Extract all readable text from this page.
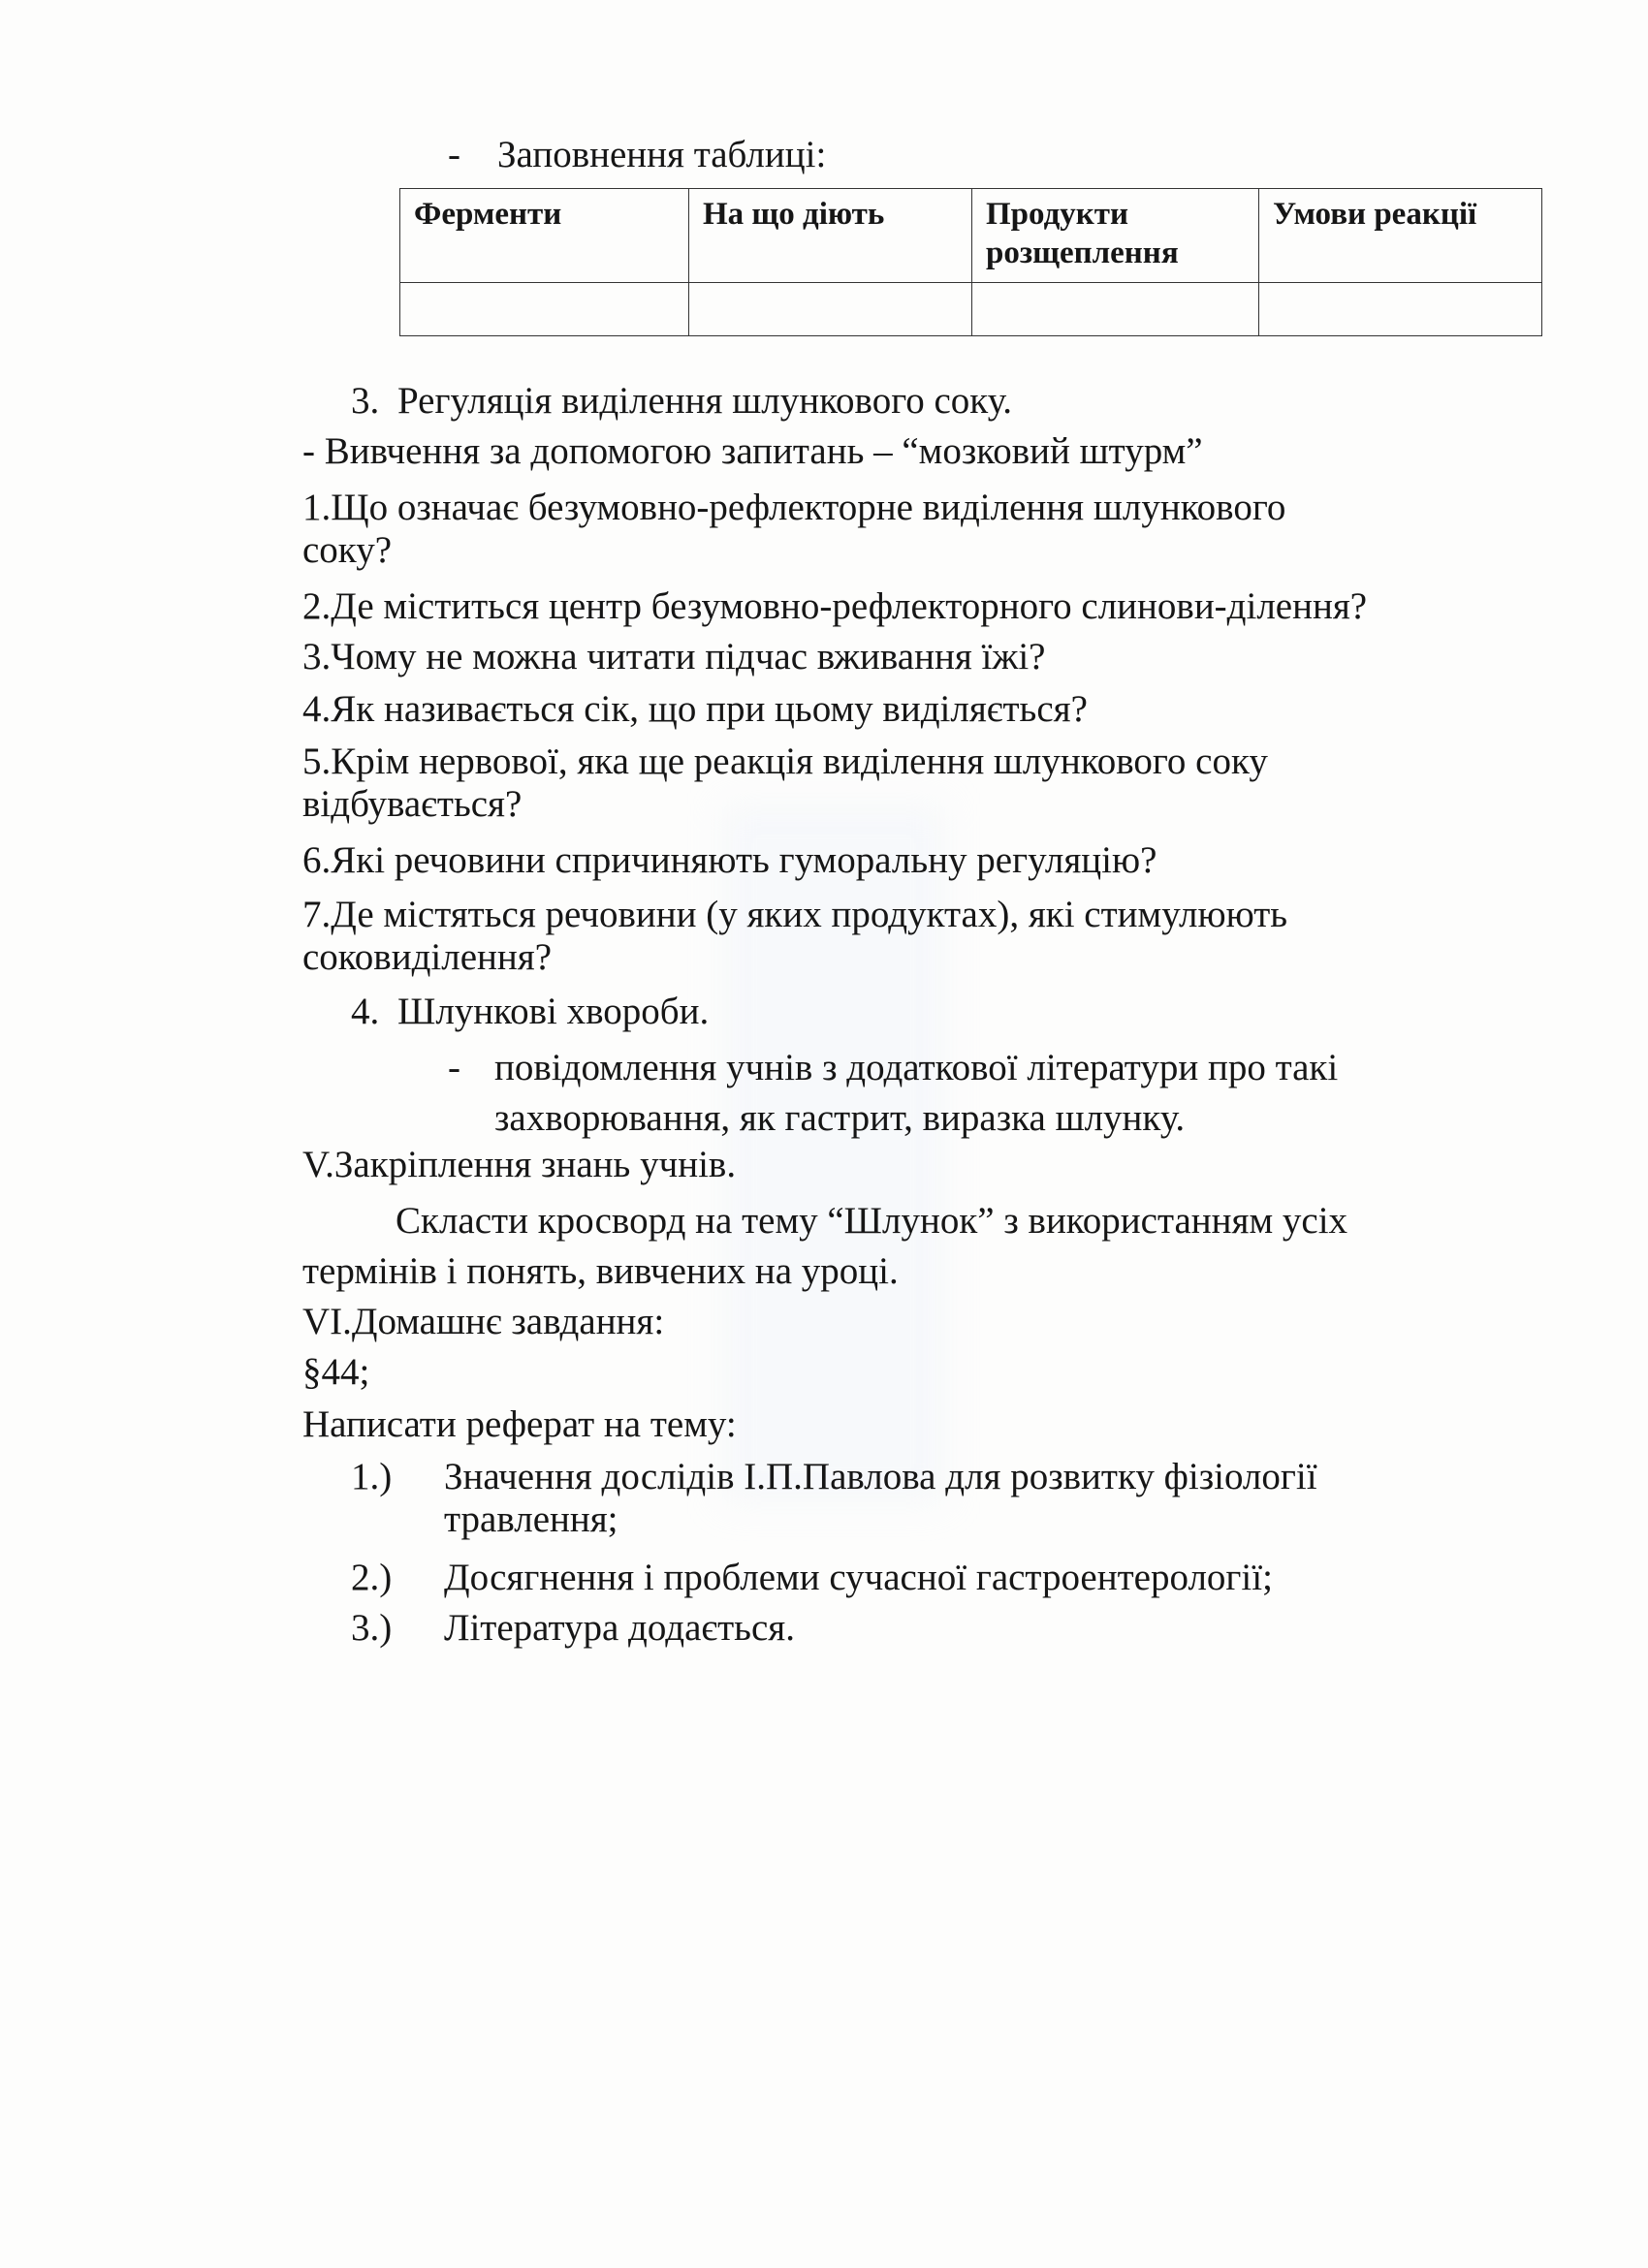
- Заповнення таблиці:
Ферменти	На що діють	Продукти розщеплення	Умови реакції

3. Регуляція виділення шлункового соку.
- Вивчення за допомогою запитань – “мозковий штурм”
1.Що означає безумовно-рефлекторне виділення шлункового
соку?
2.Де міститься центр безумовно-рефлекторного слинови-ділення?
3.Чому не можна читати підчас вживання їжі?
4.Як називається сік, що при цьому виділяється?
5.Крім нервової, яка ще реакція виділення шлункового соку
відбувається?
6.Які речовини спричиняють гуморальну регуляцію?
7.Де містяться речовини (у яких продуктах), які стимулюють
соковиділення?
4. Шлункові хвороби.
- повідомлення учнів з додаткової літератури про такі
захворювання, як гастрит, виразка шлунку.
V.Закріплення знань учнів.
Скласти кросворд на тему “Шлунок” з використанням усіх
термінів і понять, вивчених на уроці.
VI.Домашнє завдання:
§44;
Написати реферат на тему:
1.) Значення дослідів І.П.Павлова для розвитку фізіології
травлення;
2.) Досягнення і проблеми сучасної гастроентерології;
3.) Література додається.
